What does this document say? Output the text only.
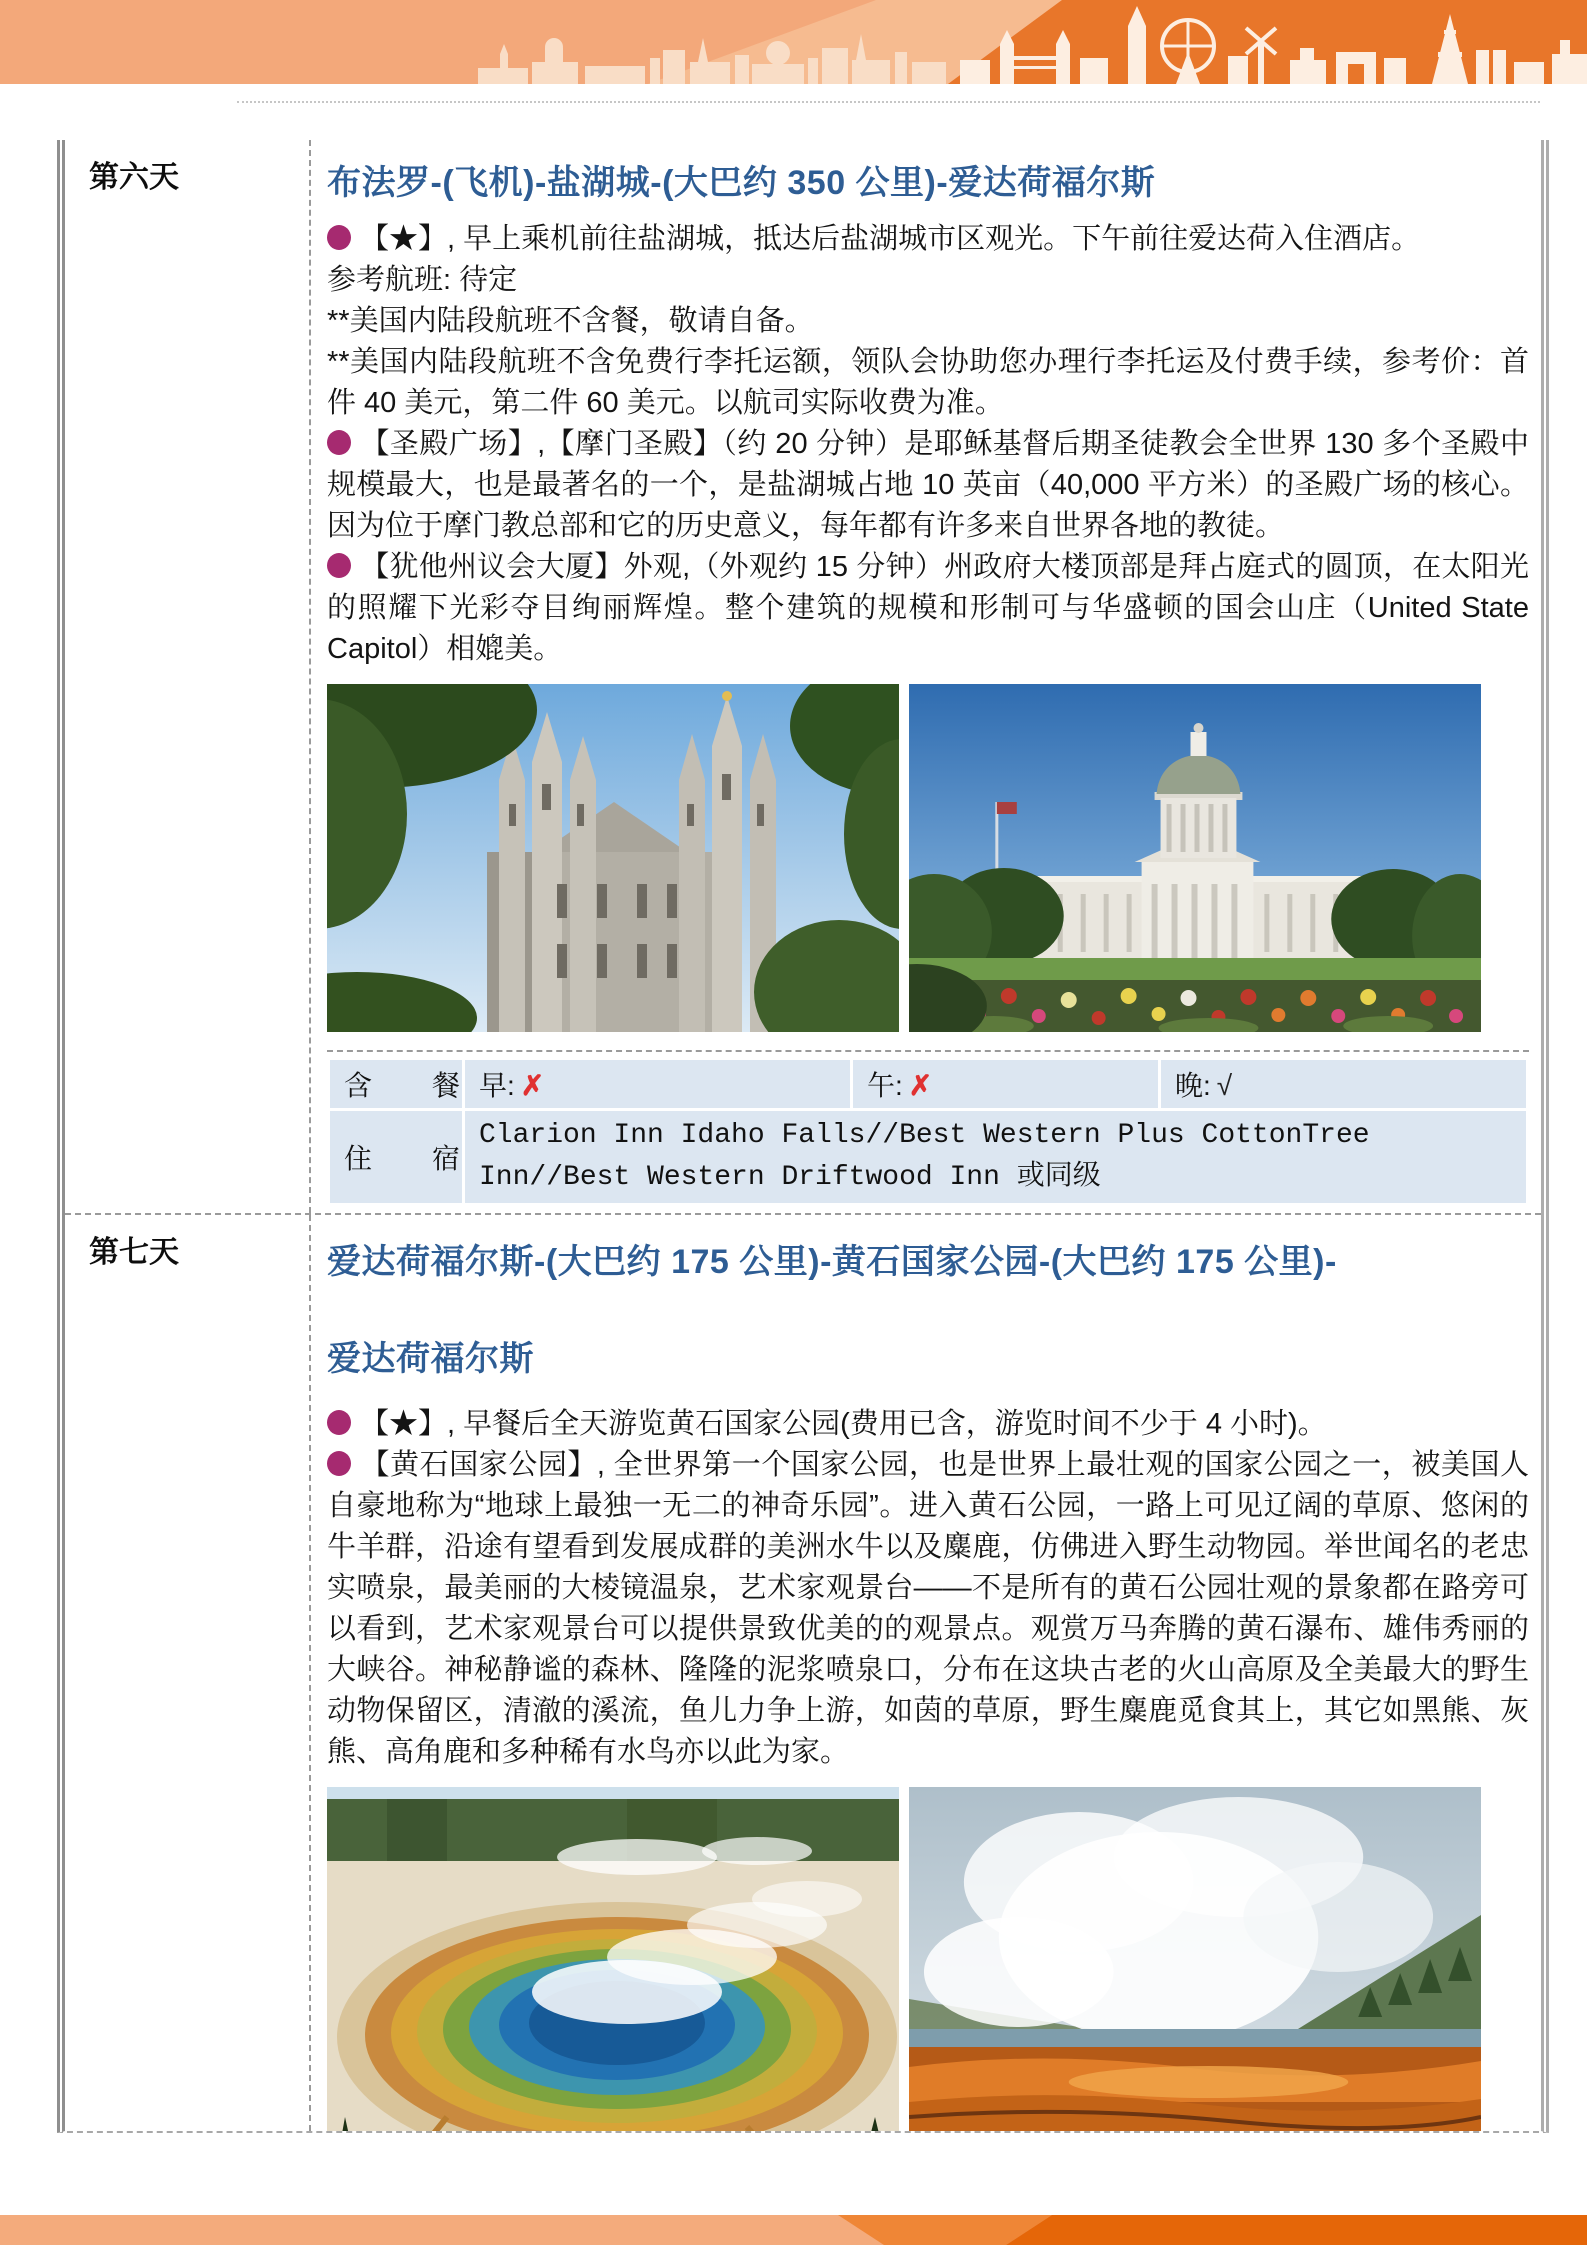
第六天	布法罗-(飞机)-盐湖城-(大巴约 350 公里)-爱达荷福尔斯

【★】, 早上乘机前往盐湖城，抵达后盐湖城市区观光。下午前往爱达荷入住酒店。

参考航班: 待定

**美国内陆段航班不含餐，敬请自备。

**美国内陆段航班不含免费行李托运额，领队会协助您办理行李托运及付费手续，参考价：首件 40 美元，第二件 60 美元。以航司实际收费为准。

【圣殿广场】,【摩门圣殿】（约 20 分钟）是耶稣基督后期圣徒教会全世界 130 多个圣殿中规模最大，也是最著名的一个，是盐湖城占地 10 英亩（40,000 平方米）的圣殿广场的核心。因为位于摩门教总部和它的历史意义，每年都有许多来自世界各地的教徒。

【犹他州议会大厦】外观,（外观约 15 分钟）州政府大楼顶部是拜占庭式的圆顶，在太阳光的照耀下光彩夺目绚丽辉煌。整个建筑的规模和形制可与华盛顿的国会山庄（United State Capitol）相媲美。

含　餐	早: ✗	午: ✗	晚: √
住　宿	Clarion Inn Idaho Falls//Best Western Plus CottonTree Inn//Best Western Driftwood Inn 或同级		
第七天	爱达荷福尔斯-(大巴约 175 公里)-黄石国家公园-(大巴约 175 公里)-
爱达荷福尔斯

【★】, 早餐后全天游览黄石国家公园(费用已含，游览时间不少于 4 小时)。

【黄石国家公园】, 全世界第一个国家公园，也是世界上最壮观的国家公园之一，被美国人自豪地称为“地球上最独一无二的神奇乐园”。进入黄石公园，一路上可见辽阔的草原、悠闲的牛羊群，沿途有望看到发展成群的美洲水牛以及麋鹿，仿佛进入野生动物园。举世闻名的老忠实喷泉，最美丽的大棱镜温泉，艺术家观景台——不是所有的黄石公园壮观的景象都在路旁可以看到，艺术家观景台可以提供景致优美的的观景点。观赏万马奔腾的黄石瀑布、雄伟秀丽的大峡谷。神秘静谧的森林、隆隆的泥浆喷泉口，分布在这块古老的火山高原及全美最大的野生动物保留区，清澈的溪流，鱼儿力争上游，如茵的草原，野生麋鹿觅食其上，其它如黑熊、灰熊、高角鹿和多种稀有水鸟亦以此为家。
